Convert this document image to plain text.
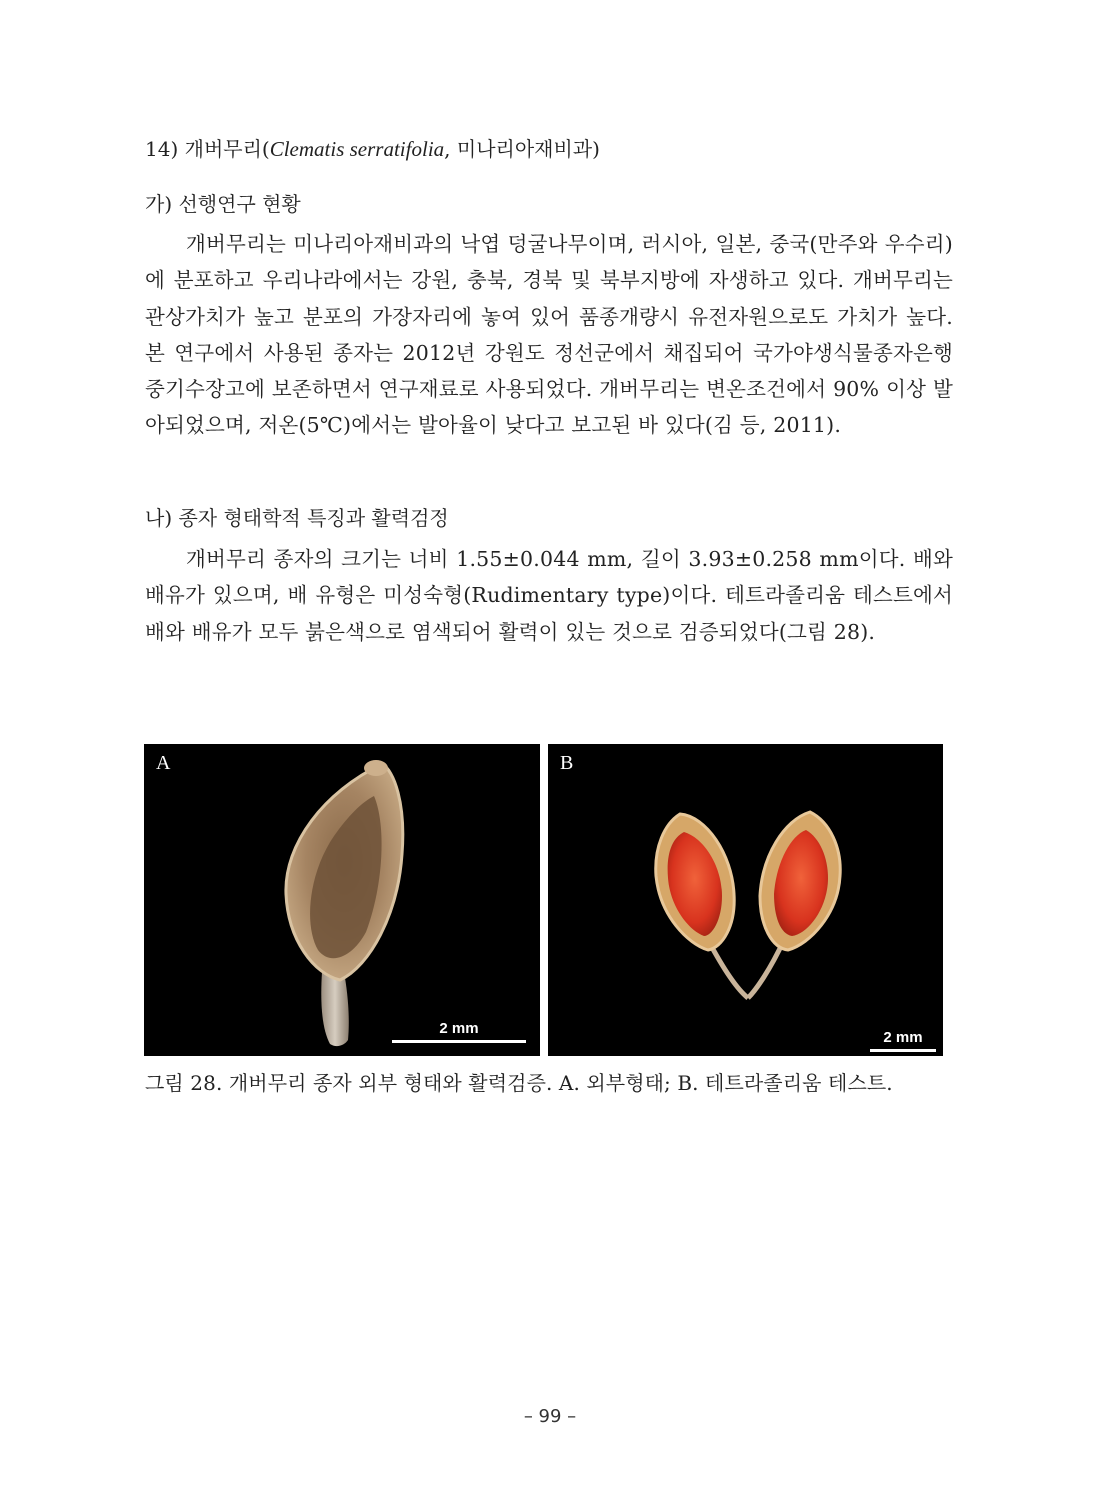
14) 개버무리(Clematis serratifolia, 미나리아재비과)
가) 선행연구 현황
개버무리는 미나리아재비과의 낙엽 덩굴나무이며, 러시아, 일본, 중국(만주와 우수리)에 분포하고 우리나라에서는 강원, 충북, 경북 및 북부지방에 자생하고 있다. 개버무리는 관상가치가 높고 분포의 가장자리에 놓여 있어 품종개량시 유전자원으로도 가치가 높다. 본 연구에서 사용된 종자는 2012년 강원도 정선군에서 채집되어 국가야생식물종자은행 중기수장고에 보존하면서 연구재료로 사용되었다. 개버무리는 변온조건에서 90% 이상 발아되었으며, 저온(5℃)에서는 발아율이 낮다고 보고된 바 있다(김 등, 2011).
나) 종자 형태학적 특징과 활력검정
개버무리 종자의 크기는 너비 1.55±0.044 mm, 길이 3.93±0.258 mm이다. 배와 배유가 있으며, 배 유형은 미성숙형(Rudimentary type)이다. 테트라졸리움 테스트에서 배와 배유가 모두 붉은색으로 염색되어 활력이 있는 것으로 검증되었다(그림 28).
A
2 mm
B
2 mm
그림 28. 개버무리 종자 외부 형태와 활력검증. A. 외부형태; B. 테트라졸리움 테스트.
– 99 –
